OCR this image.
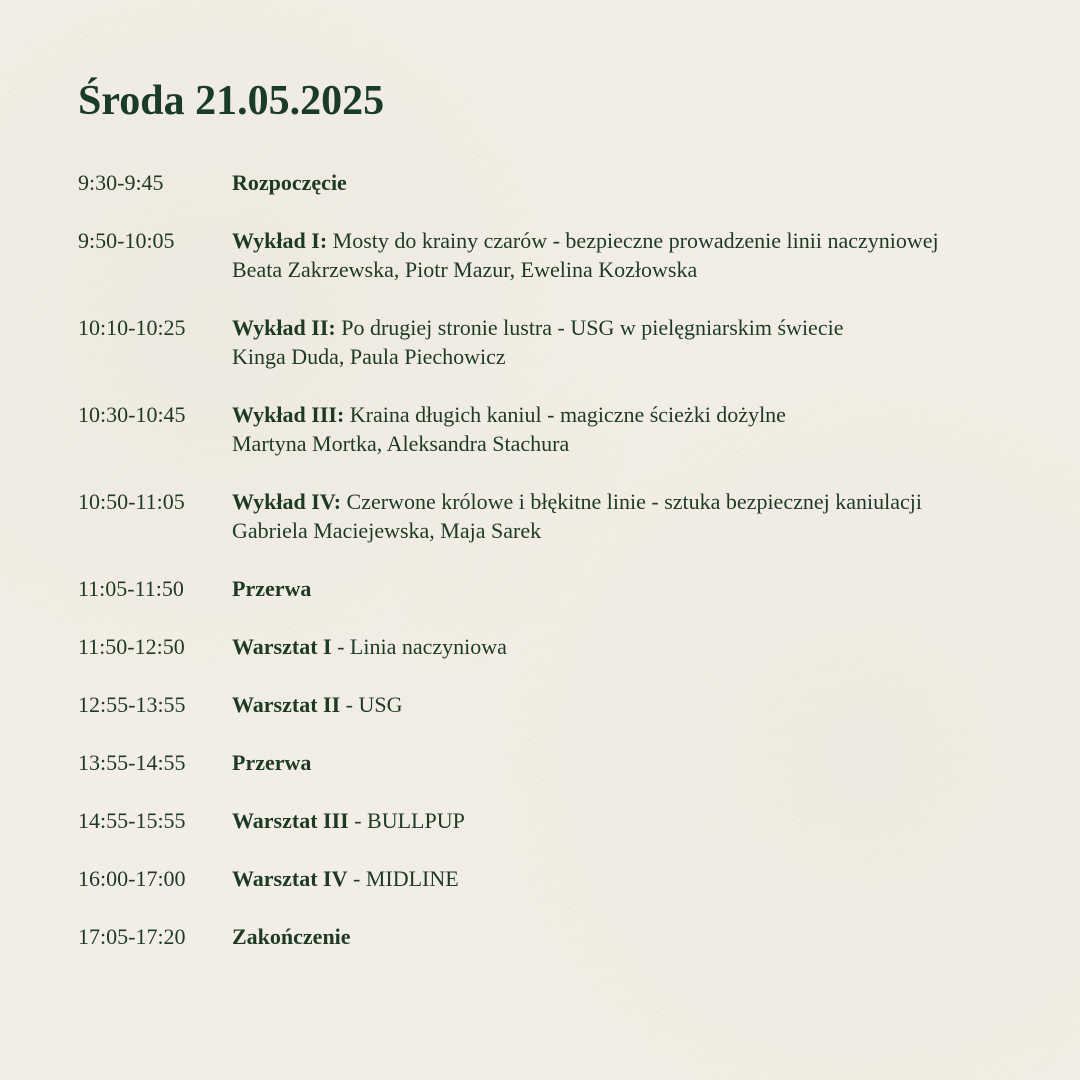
Środa 21.05.2025
9:30-9:45	Rozpoczęcie
9:50-10:05	Wykład I: Mosty do krainy czarów - bezpieczne prowadzenie linii naczyniowej
Beata Zakrzewska, Piotr Mazur, Ewelina Kozłowska
10:10-10:25	Wykład II: Po drugiej stronie lustra - USG w pielęgniarskim świecie
Kinga Duda, Paula Piechowicz
10:30-10:45	Wykład III: Kraina długich kaniul - magiczne ścieżki dożylne
Martyna Mortka, Aleksandra Stachura
10:50-11:05	Wykład IV: Czerwone królowe i błękitne linie - sztuka bezpiecznej kaniulacji
Gabriela Maciejewska, Maja Sarek
11:05-11:50	Przerwa
11:50-12:50	Warsztat I - Linia naczyniowa
12:55-13:55	Warsztat II - USG
13:55-14:55	Przerwa
14:55-15:55	Warsztat III - BULLPUP
16:00-17:00	Warsztat IV - MIDLINE
17:05-17:20	Zakończenie
